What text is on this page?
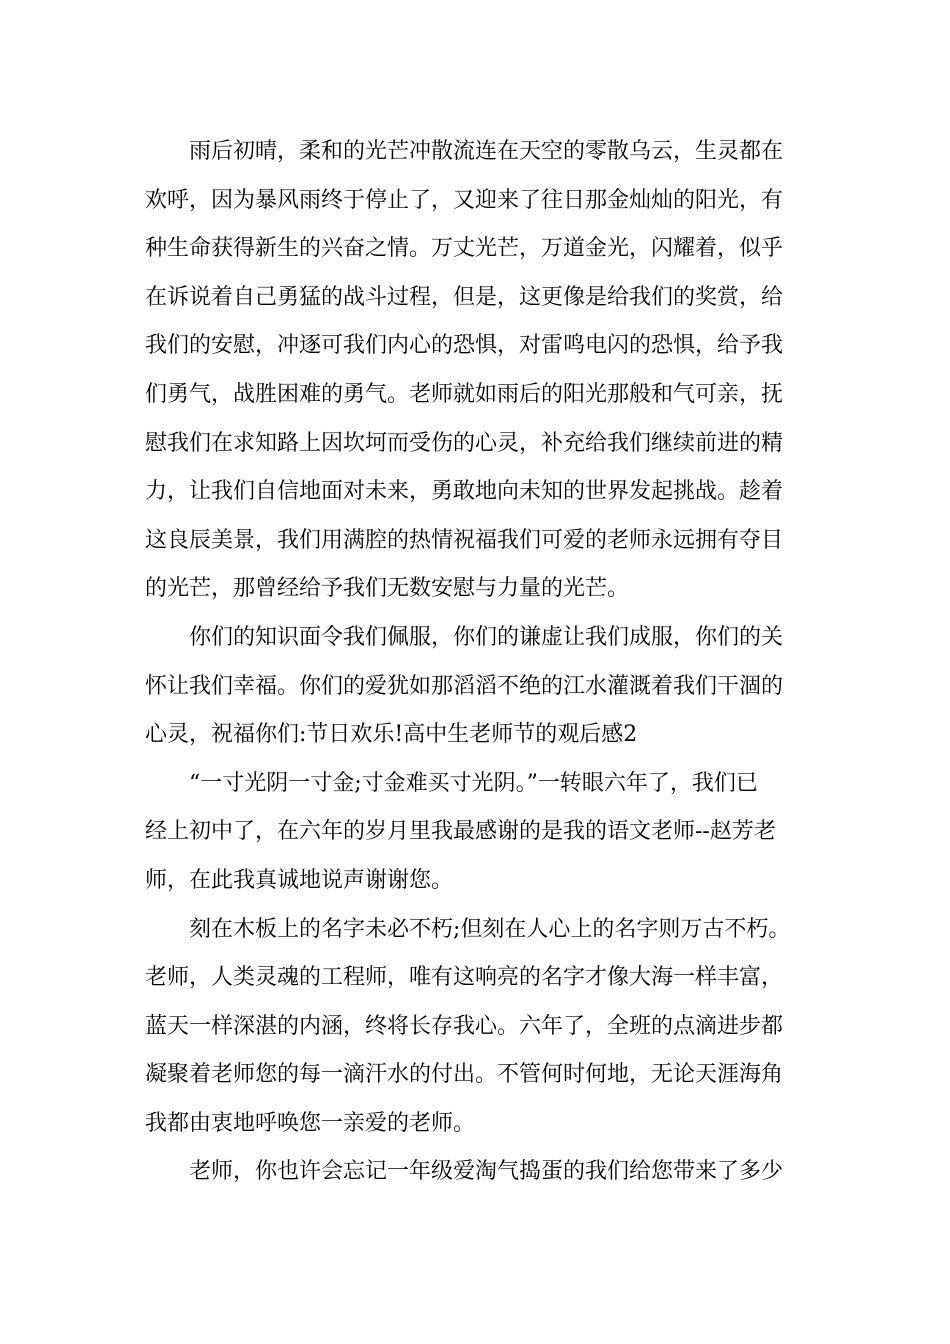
　　雨后初晴，柔和的光芒冲散流连在天空的零散乌云，生灵都在
欢呼，因为暴风雨终于停止了，又迎来了往日那金灿灿的阳光，有
种生命获得新生的兴奋之情。万丈光芒，万道金光，闪耀着，似乎
在诉说着自己勇猛的战斗过程，但是，这更像是给我们的奖赏，给
我们的安慰，冲逐可我们内心的恐惧，对雷鸣电闪的恐惧，给予我
们勇气，战胜困难的勇气。老师就如雨后的阳光那般和气可亲，抚
慰我们在求知路上因坎坷而受伤的心灵，补充给我们继续前进的精
力，让我们自信地面对未来，勇敢地向未知的世界发起挑战。趁着
这良辰美景，我们用满腔的热情祝福我们可爱的老师永远拥有夺目
的光芒，那曾经给予我们无数安慰与力量的光芒。

　　你们的知识面令我们佩服，你们的谦虚让我们成服，你们的关
怀让我们幸福。你们的爱犹如那滔滔不绝的江水灌溉着我们干涸的
心灵，祝福你们:节日欢乐!高中生老师节的观后感2

　　“一寸光阴一寸金;寸金难买寸光阴。”一转眼六年了，我们已
经上初中了，在六年的岁月里我最感谢的是我的语文老师--赵芳老
师，在此我真诚地说声谢谢您。

　　刻在木板上的名字未必不朽;但刻在人心上的名字则万古不朽。
老师，人类灵魂的工程师，唯有这响亮的名字才像大海一样丰富，
蓝天一样深湛的内涵，终将长存我心。六年了，全班的点滴进步都
凝聚着老师您的每一滴汗水的付出。不管何时何地，无论天涯海角
我都由衷地呼唤您一亲爱的老师。

　　老师，你也许会忘记一年级爱淘气捣蛋的我们给您带来了多少
